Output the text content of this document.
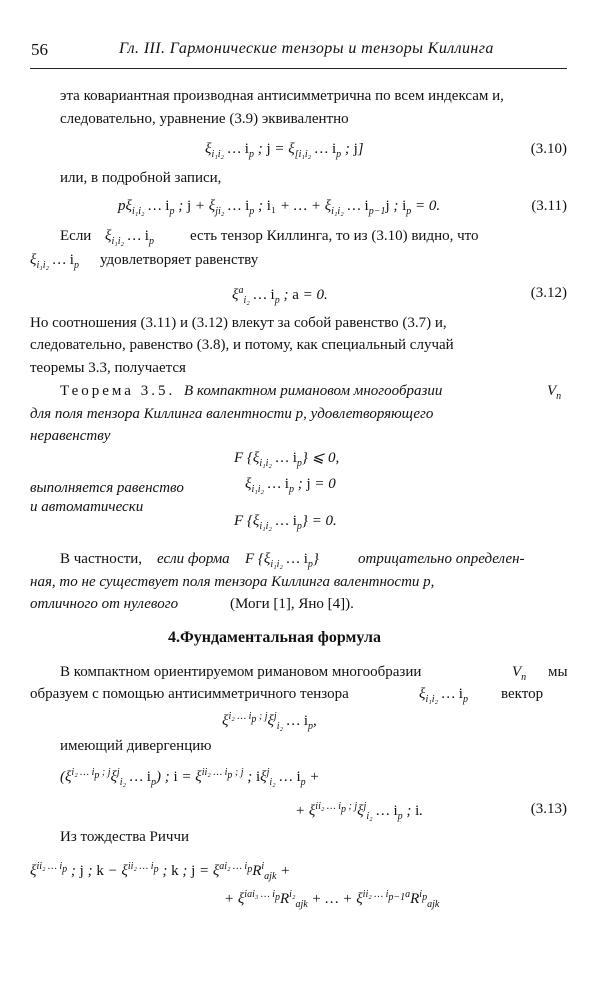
56	Гл. III. Гармонические тензоры и тензоры Киллинга
эта ковариантная производная антисимметрична по всем индексам и,
следовательно, уравнение (3.9) эквивалентно
$\xi_{i_1i_2}$ … $i_p$ ; $j = \xi_{[i_1i_2}$ … $i_p$ ; j]	(3.10)
или, в подробной записи,
$p\xi_{i_1i_2}$ … $i_p$ ; $j + \xi_{ji_2}$ … $i_p$ ; i₁ + … + $\xi_{i_1i_2}$ … $i_{p-1}j$ ; $i_p = 0$.	(3.11)
Если $\xi_{i_1i_2}$ … $i_p$ есть тензор Киллинга, то из (3.10) видно, что
$\xi_{i_1i_2}$ … $i_p$ удовлетворяет равенству
$\xi^a_{i_2}$ … $i_p$ ; a = 0.	(3.12)
Но соотношения (3.11) и (3.12) влекут за собой равенство (3.7) и,
следовательно, равенство (3.8), и потому, как специальный случай
теоремы 3.3, получается
Теорема 3.5. В компактном римановом многообразии	$V_n$
для поля тензора Киллинга валентности p, удовлетворяющего
неравенству
F {$\xi_{i_1i_2}$ … $i_p$} ⩽ 0,
выполняется равенство	$\xi_{i_1i_2}$ … $i_p$ ; j = 0
и автоматически
F {$\xi_{i_1i_2}$ … $i_p\} = 0$.
В частности, если форма F {$\xi_{i_1i_2}$ … $i_p$}	отрицательно определен-
ная, то не существует поля тензора Киллинга валентности p,
отличного от нулевого	(Моги [1], Яно [4]).
4.Фундаментальная формула
В компактном ориентируемом римановом многообразии	$V_n$ мы
образуем с помощью антисимметричного тензора	$\xi_{i_1i_2}$ … $i_p$ вектор
$\xi^{i_2 \dots i_p ; j}\xi^j_{i_2}$ … $i_p$,
имеющий дивергенцию
($\xi^{i_2 \dots i_p ; j}\xi^j_{i_2}$ … $i_p$) ; $i = \xi^{ii_2 \dots i_p ; j}$ ; $i\xi^j_{i_2}$ … $i_p$ +
+ $\xi^{ii_2 \dots i_p ; j}\xi^j_{i_2}$ … $i_p$ ; i.	(3.13)
Из тождества Риччи
$\xi^{ii_2 \dots i_p}$ ; j ; $k - \xi^{ii_2 \dots i_p}$ ; k ; $j = \xi^{ai_2 \dots i_p}R^i_{ajk}$ +
+ $\xi^{iai_3 \dots i_p}R^{i_2}_{ajk}$ + … + $\xi^{ii_2 \dots i_{p-1}a}R^{i_p}_{ajk}$
